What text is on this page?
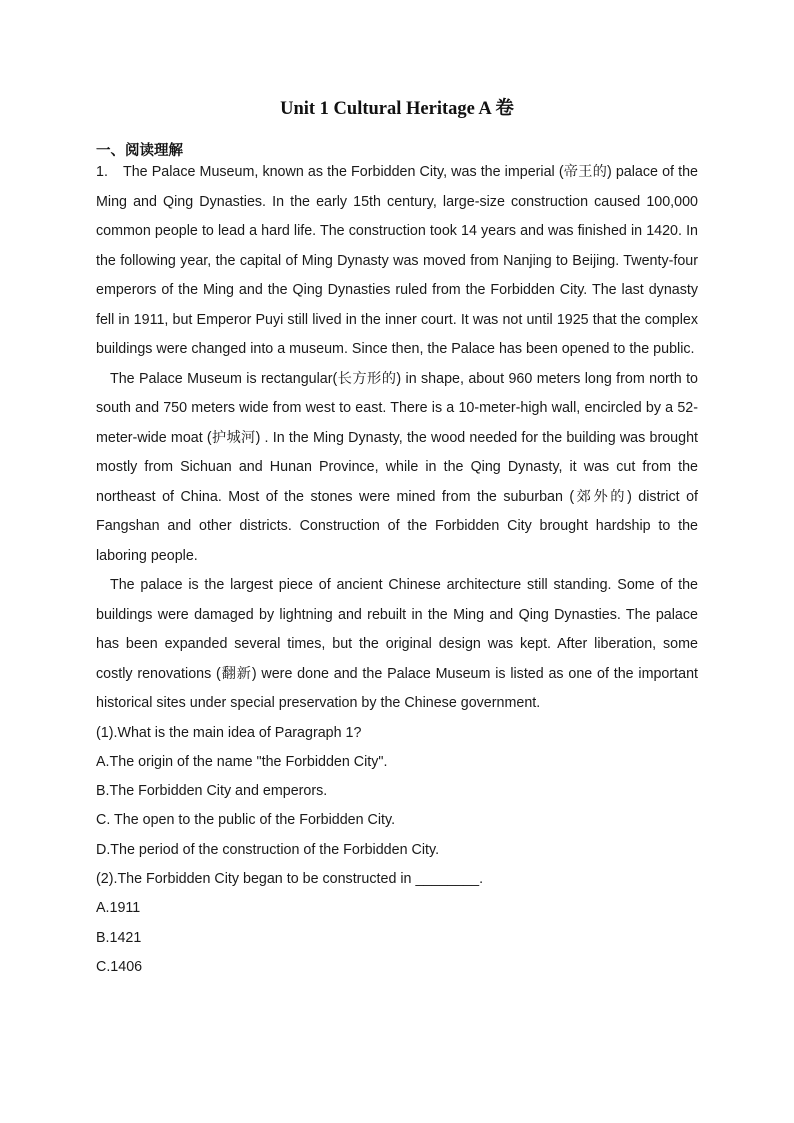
Unit 1 Cultural Heritage A 卷
一、阅读理解

1. The Palace Museum, known as the Forbidden City, was the imperial (帝王的) palace of the Ming and Qing Dynasties. In the early 15th century, large-size construction caused 100,000 common people to lead a hard life. The construction took 14 years and was finished in 1420. In the following year, the capital of Ming Dynasty was moved from Nanjing to Beijing. Twenty-four emperors of the Ming and the Qing Dynasties ruled from the Forbidden City. The last dynasty fell in 1911, but Emperor Puyi still lived in the inner court. It was not until 1925 that the complex buildings were changed into a museum. Since then, the Palace has been opened to the public.

The Palace Museum is rectangular(长方形的) in shape, about 960 meters long from north to south and 750 meters wide from west to east. There is a 10-meter-high wall, encircled by a 52-meter-wide moat (护城河) . In the Ming Dynasty, the wood needed for the building was brought mostly from Sichuan and Hunan Province, while in the Qing Dynasty, it was cut from the northeast of China. Most of the stones were mined from the suburban (郊外的) district of Fangshan and other districts. Construction of the Forbidden City brought hardship to the laboring people.

The palace is the largest piece of ancient Chinese architecture still standing. Some of the buildings were damaged by lightning and rebuilt in the Ming and Qing Dynasties. The palace has been expanded several times, but the original design was kept. After liberation, some costly renovations (翻新) were done and the Palace Museum is listed as one of the important historical sites under special preservation by the Chinese government.

(1).What is the main idea of Paragraph 1?

A.The origin of the name "the Forbidden City".

B.The Forbidden City and emperors.

C. The open to the public of the Forbidden City.

D.The period of the construction of the Forbidden City.

(2).The Forbidden City began to be constructed in ________.

A.1911

B.1421

C.1406
